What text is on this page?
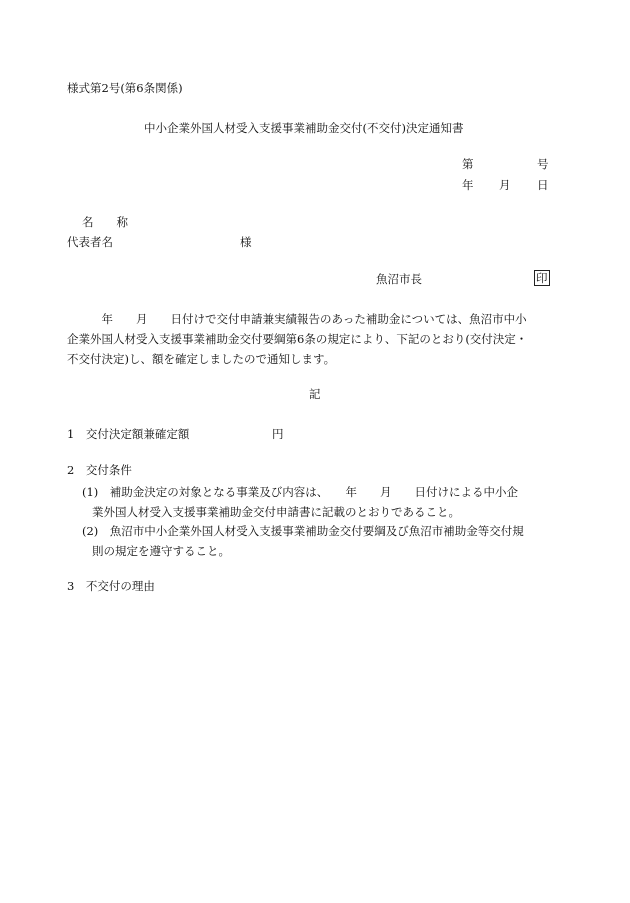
様式第2号(第6条関係)
中小企業外国人材受入支援事業補助金交付(不交付)決定通知書
第	号
年 月 日
名　　称
代表者名	様
魚沼市長	印
　　　年　　月　　日付けで交付申請兼実績報告のあった補助金については、魚沼市中小
企業外国人材受入支援事業補助金交付要綱第6条の規定により、下記のとおり(交付決定・
不交付決定)し、額を確定しましたので通知します。
記
1　交付決定額兼確定額	円
2　交付条件
(1)　補助金決定の対象となる事業及び内容は、　　年　　月　　日付けによる中小企
業外国人材受入支援事業補助金交付申請書に記載のとおりであること。
(2)　魚沼市中小企業外国人材受入支援事業補助金交付要綱及び魚沼市補助金等交付規
則の規定を遵守すること。
3　不交付の理由
